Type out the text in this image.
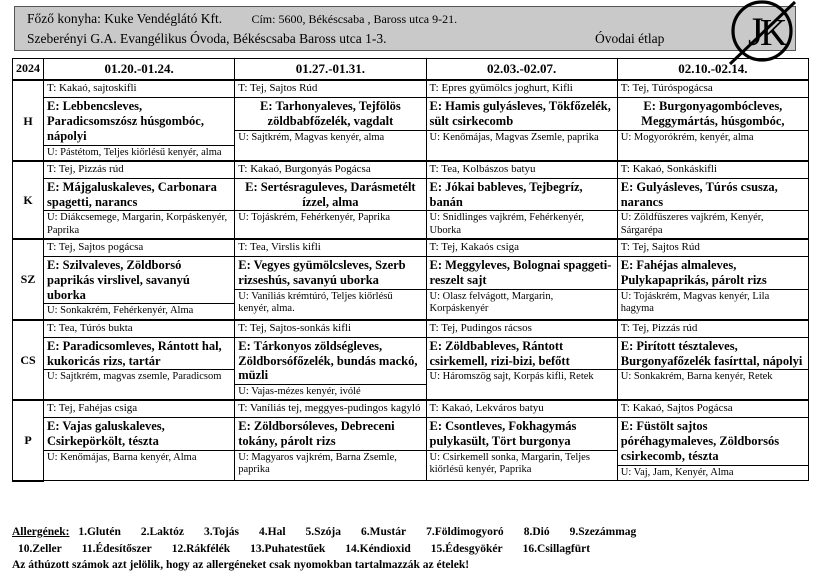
Főző konyha: Kuke Vendéglátó Kft. Cím: 5600, Békéscsaba , Baross utca 9-21.
Szeberényi G.A. Evangélikus Óvoda, Békéscsaba Baross utca 1-3.	Óvodai étlap J
K
2024	01.20.-01.24.	01.27.-01.31.	02.03.-02.07.	02.10.-02.14.
H	
T: Kakaó, sajtoskifli
E: Lebbencsleves, Paradicsomszósz húsgombóc, nápolyi
U: Pástétom, Teljes kiőrlésű kenyér, alma

T: Tej, Sajtos Rúd
E: Tarhonyaleves, Tejfölös zöldbabfőzelék, vagdalt
U: Sajtkrém, Magvas kenyér, alma

T: Epres gyümölcs joghurt, Kifli
E: Hamis gulyásleves, Tökfőzelék, sült csirkecomb
U: Kenőmájas, Magvas Zsemle, paprika

T: Tej, Túróspogácsa
E: Burgonyagombócleves, Meggymártás, húsgombóc,
U: Mogyorókrém, kenyér, alma

K	
T: Tej, Pizzás rúd
E: Májgaluskaleves, Carbonara spagetti, narancs
U: Diákcsemege, Margarin, Korpáskenyér, Paprika

T: Kakaó, Burgonyás Pogácsa
E: Sertésraguleves, Darásmetélt ízzel, alma
U: Tojáskrém, Fehérkenyér, Paprika

T: Tea, Kolbászos batyu
E: Jókai bableves, Tejbegríz, banán
U: Snidlinges vajkrém, Fehérkenyér, Uborka

T: Kakaó, Sonkáskifli
E: Gulyásleves, Túrós csusza, narancs
U: Zöldfűszeres vajkrém, Kenyér, Sárgarépa

SZ	
T: Tej, Sajtos pogácsa
E: Szilvaleves, Zöldborsó paprikás virslivel, savanyú uborka
U: Sonkakrém, Fehérkenyér, Alma

T: Tea, Virslis kifli
E: Vegyes gyümölcsleves, Szerb rizseshús, savanyú uborka
U: Vaníliás krémtúró, Teljes kiőrlésű kenyér, alma.

T: Tej, Kakaós csiga
E: Meggyleves, Bolognai spaggeti-reszelt sajt
U: Olasz felvágott, Margarin, Korpáskenyér

T: Tej, Sajtos Rúd
E: Fahéjas almaleves, Pulykapaprikás, párolt rizs
U: Tojáskrém, Magvas kenyér, Lila hagyma

CS	
T: Tea, Túrós bukta
E: Paradicsomleves, Rántott hal, kukoricás rizs, tartár
U: Sajtkrém, magvas zsemle, Paradicsom

T: Tej, Sajtos-sonkás kifli
E: Tárkonyos zöldségleves, Zöldborsófőzelék, bundás mackó, müzli
U: Vajas-mézes kenyér, ivólé

T: Tej, Pudingos rácsos
E: Zöldbableves, Rántott csirkemell, rizi-bizi, befőtt
U: Háromszög sajt, Korpás kifli, Retek

T: Tej, Pizzás rúd
E: Pirított tésztaleves, Burgonyafőzelék fasírttal, nápolyi
U: Sonkakrém, Barna kenyér, Retek

P	
T: Tej, Fahéjas csiga
E: Vajas galuskaleves, Csirkepörkölt, tészta
U: Kenőmájas, Barna kenyér, Alma

T: Vaníliás tej, meggyes-pudingos kagyló
E: Zöldborsóleves, Debreceni tokány, párolt rizs
U: Magyaros vajkrém, Barna Zsemle, paprika

T: Kakaó, Lekváros batyu
E: Csontleves, Fokhagymás pulykasült, Tört burgonya
U: Csirkemell sonka, Margarin, Teljes kiőrlésű kenyér, Paprika

T: Kakaó, Sajtos Pogácsa
E: Füstölt sajtos póréhagymaleves, Zöldborsós csirkecomb, tészta
U: Vaj, Jam, Kenyér, Alma
Allergének: 1.Glutén 2.Laktóz 3.Tojás 4.Hal 5.Szója 6.Mustár 7.Földimogyoró 8.Dió 9.Szezámmag
10.Zeller 11.Édesítőszer 12.Rákfélék 13.Puhatestűek 14.Kéndioxid 15.Édesgyökér 16.Csillagfürt
Az áthúzott számok azt jelölik, hogy az allergéneket csak nyomokban tartalmazzák az ételek!
